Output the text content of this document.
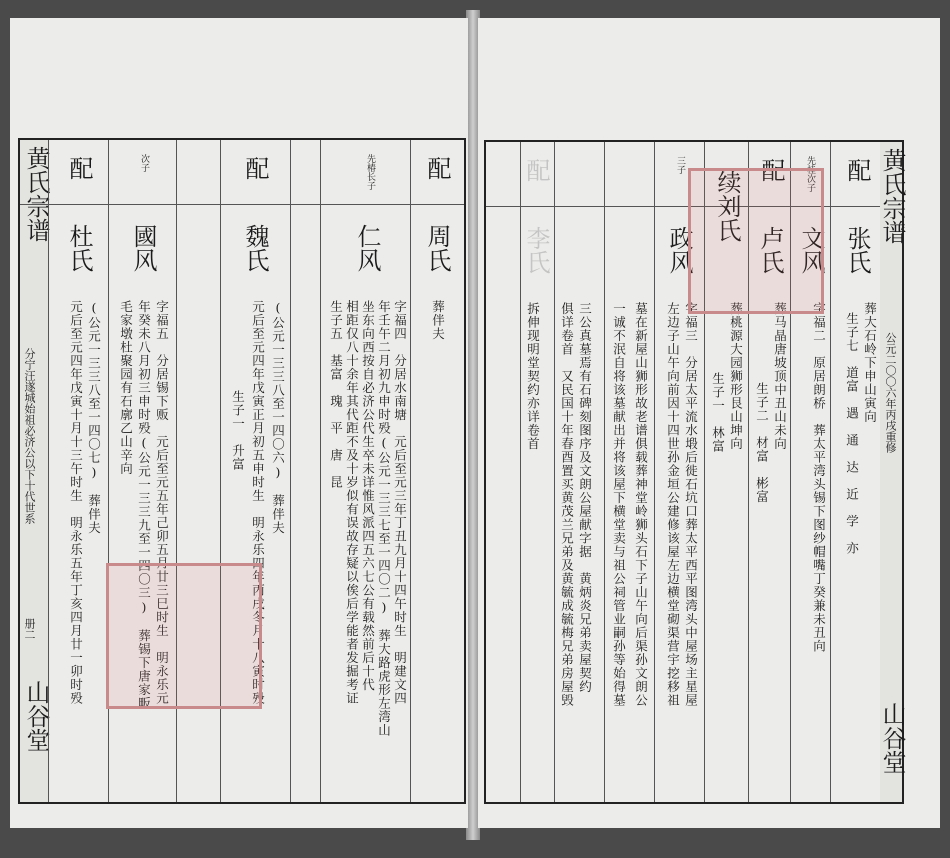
黄氏宗谱
分宁汪遂城始祖必济公以下十代世系
册二
山谷堂
配
杜氏
(公元一三三八至一四〇七)　葬伴夫
元后至元四年戊寅十月十三午时生　明永乐五年丁亥四月廿一卯时殁
次子
國风
字福五　分居锡下贩　元后至元五年己卯五月廿三巳时生　明永乐元
年癸未八月初三申时殁(公元一三三九至一四〇三)　葬锡下唐家畈
毛家墩杜聚园有石廓乙山辛向
配
魏氏
(公元一三三八至一四〇六)　葬伴夫
元后至元四年戊寅正月初五申时生　明永乐四年丙戌冬月十八寅时殁
生子一　升富
先椿长子
仁风
字福四　分居水南塘　元后至元三年丁丑九月十四午时生　明建文四
年壬午二月初九申时殁(公元一三三七至一四〇二)　葬大路虎形左湾山
坐东向西按自必济公代生卒未详惟风派四五六七公有载然前后十代
相距仅八十余年其代距不及十岁似有误故存疑以俟后学能者发掘考证
生子五　基富　瑰　平　唐　昆
配
周氏
葬伴夫
三子
政风
字福三　分居太平流水塅后徙石坑口葬太平西平图湾头中屋场主星屋
左边子山午向前因十四世孙金垣公建修该屋左边横堂砌渠营宇挖移祖
墓在新屋山狮形故老谱俱载葬神堂岭狮头石下子山午向后渠孙文朗公
一诚不泯自将该墓献出并将该屋下横堂卖与祖公祠管业嗣孙等始得墓
三公真墓焉有石碑刻图序及文朗公屋献字据　黄炳炎兄弟卖屋契约
俱详卷首　又民国十年春酉置买黄茂兰兄弟及黄毓成毓梅兄弟房屋毁
拆伸现明堂契约亦详卷首
配
李氏
续刘氏
葬桃源大园狮形艮山坤向
生子一　林富
配
葬马晶唐坡顶中丑山未向
生子二　材富　彬富
卢氏
先桂次子
文风
配
张氏
葬大石岭下申山寅向
生子七　道富　遇　通　达　近　学　亦
字福二　原居朗桥　葬太平湾头锡下图纱帽嘴丁癸兼未丑向
黄氏宗谱
公元二〇〇六年丙戌重修
山谷堂
